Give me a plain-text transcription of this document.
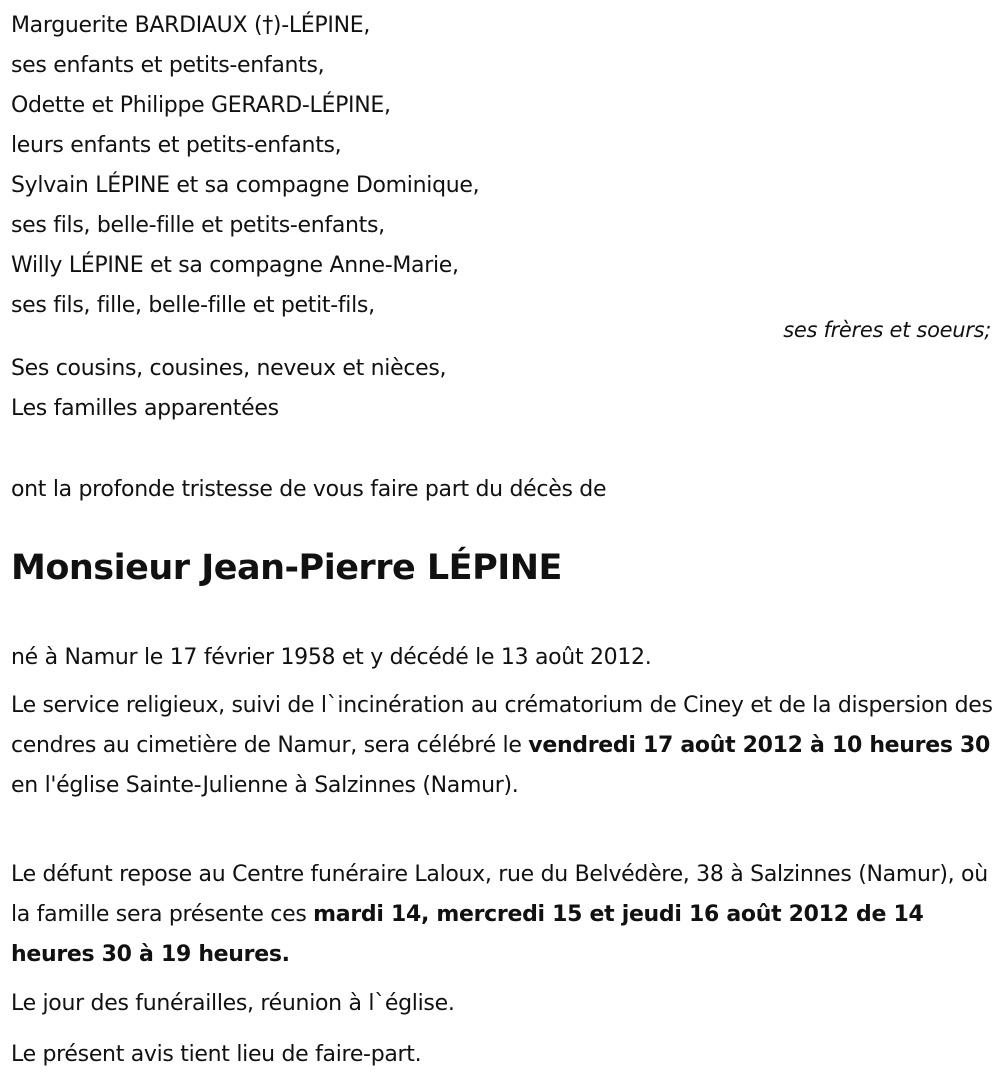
Marguerite BARDIAUX (†)-LÉPINE,
ses enfants et petits-enfants,
Odette et Philippe GERARD-LÉPINE,
leurs enfants et petits-enfants,
Sylvain LÉPINE et sa compagne Dominique,
ses fils, belle-fille et petits-enfants,
Willy LÉPINE et sa compagne Anne-Marie,
ses fils, fille, belle-fille et petit-fils,
ses frères et soeurs;
Ses cousins, cousines, neveux et nièces,
Les familles apparentées
ont la profonde tristesse de vous faire part du décès de
Monsieur Jean-Pierre LÉPINE
né à Namur le 17 février 1958 et y décédé le 13 août 2012.
Le service religieux, suivi de l`incinération au crématorium de Ciney et de la dispersion des cendres au cimetière de Namur, sera célébré le vendredi 17 août 2012 à 10 heures 30 en l'église Sainte-Julienne à Salzinnes (Namur).
Le défunt repose au Centre funéraire Laloux, rue du Belvédère, 38 à Salzinnes (Namur), où la famille sera présente ces mardi 14, mercredi 15 et jeudi 16 août 2012 de 14 heures 30 à 19 heures.
Le jour des funérailles, réunion à l`église.
Le présent avis tient lieu de faire-part.
